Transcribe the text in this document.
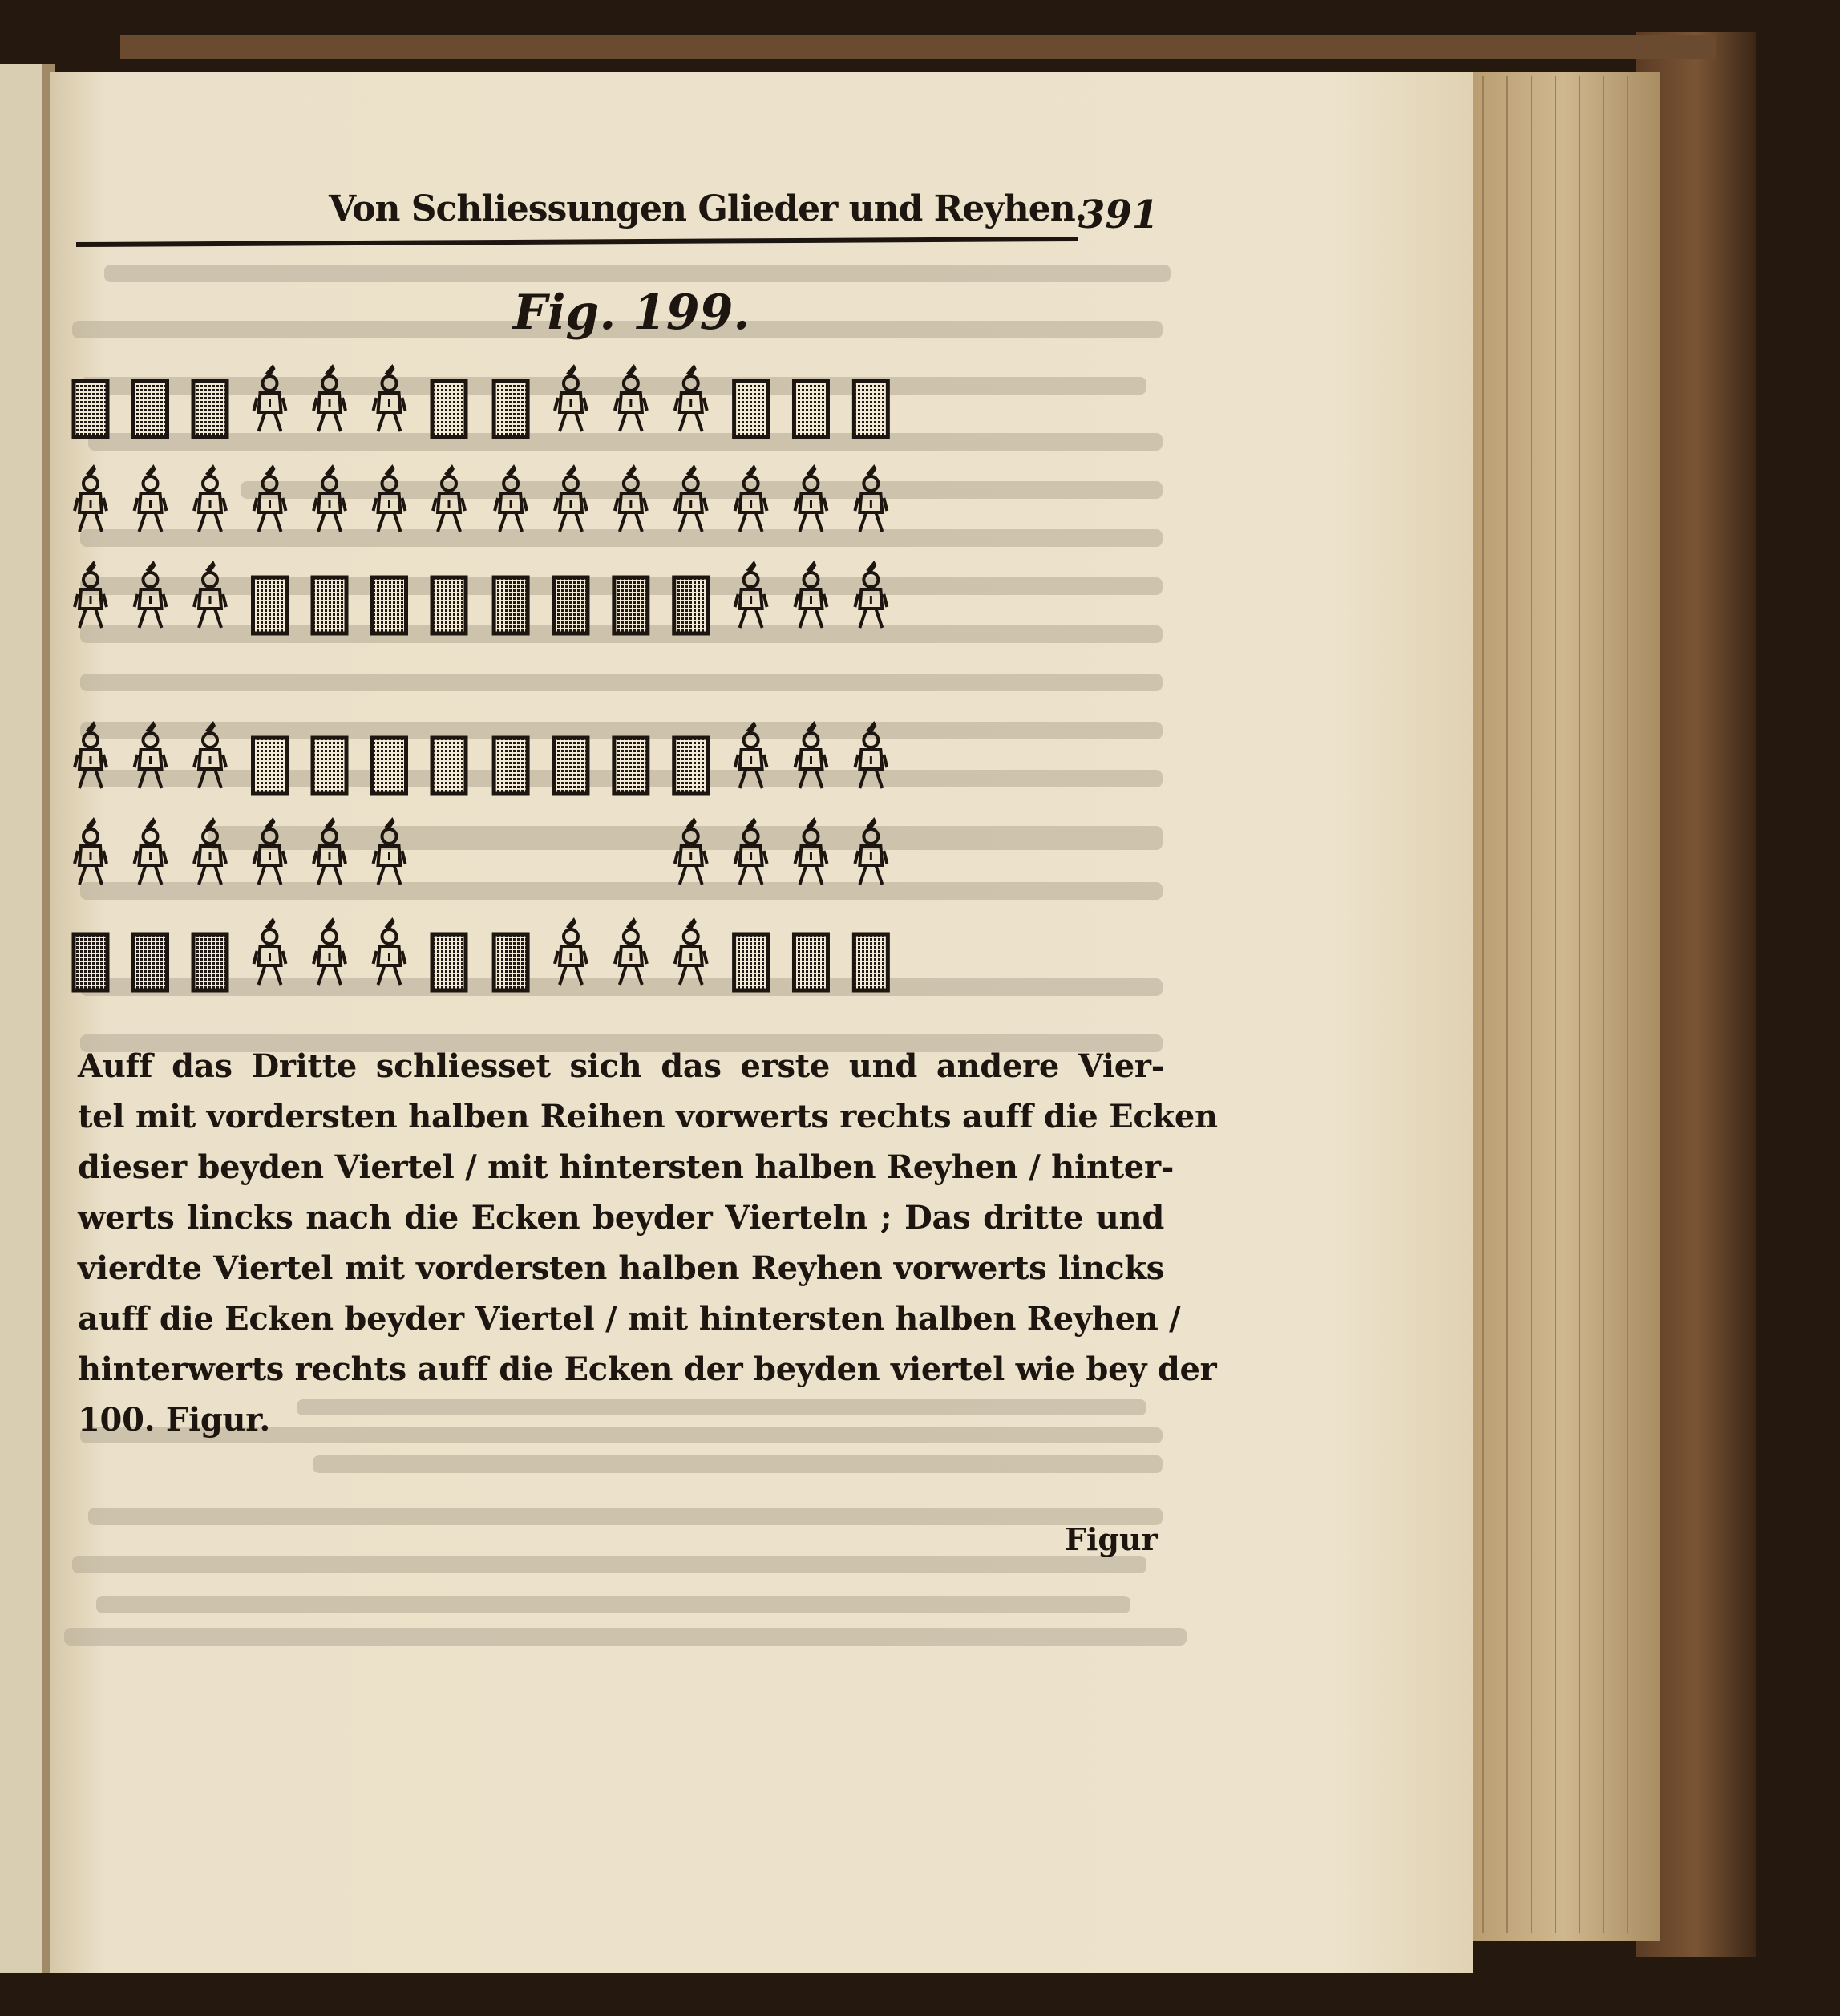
Von Schliessungen Glieder und Reyhen.
391
Fig. 199.
Auff das Dritte schliesset sich das erste und andere Vier-
tel mit vordersten halben Reihen vorwerts rechts auff die Ecken
dieser beyden Viertel / mit hintersten halben Reyhen / hinter-
werts lincks nach die Ecken beyder Vierteln ; Das dritte und
vierdte Viertel mit vordersten halben Reyhen vorwerts lincks
auff die Ecken beyder Viertel / mit hintersten halben Reyhen /
hinterwerts rechts auff die Ecken der beyden viertel wie bey der
100. Figur.
Figur
